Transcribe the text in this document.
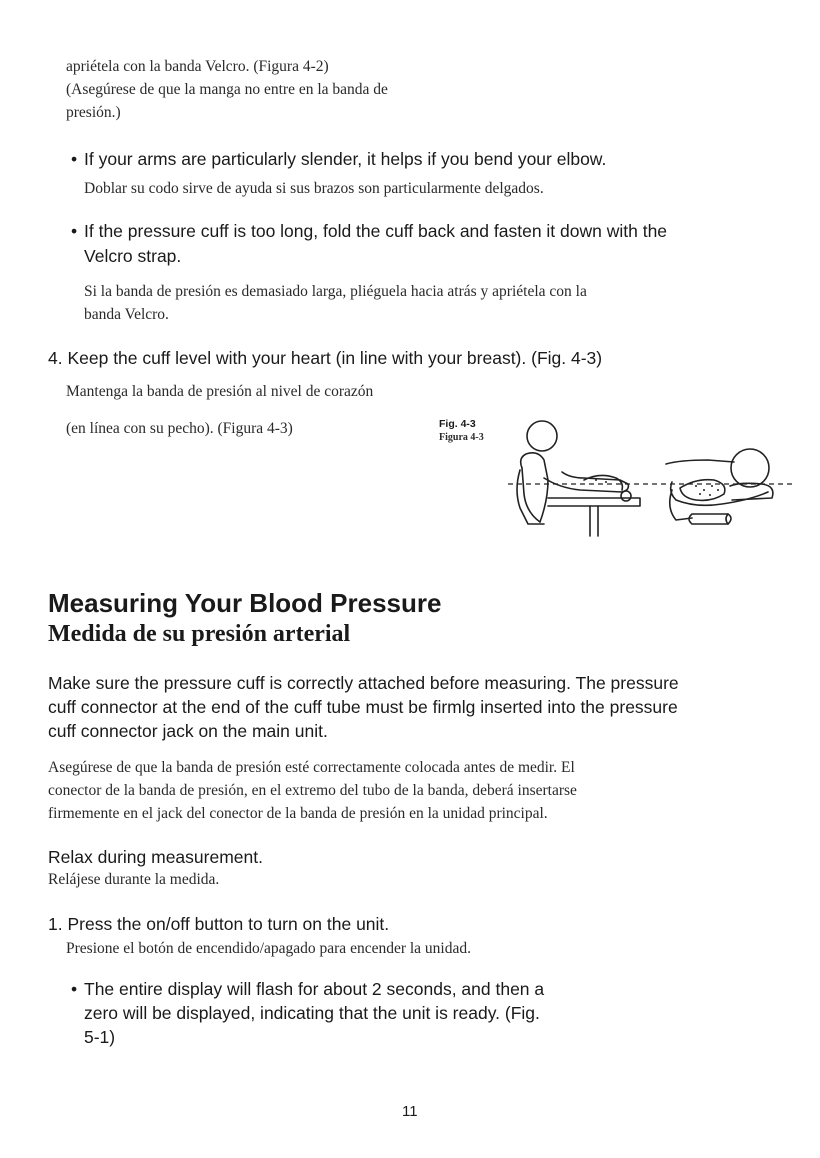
apriétela con la banda Velcro. (Figura 4-2)

(Asegúrese de que la manga no entre en la banda de

presión.)

• If your arms are particularly slender, it helps if you bend your elbow.

Doblar su codo sirve de ayuda si sus brazos son particularmente delgados.

• If the pressure cuff is too long, fold the cuff back and fasten it down with the

Velcro strap.

Si la banda de presión es demasiado larga, pliéguela hacia atrás y apriételа con la

banda Velcro.

4. Keep the cuff level with your heart (in line with your breast). (Fig. 4-3)

Mantenga la banda de presión al nivel de corazón

(en línea con su pecho). (Figura 4-3)	Fig. 4-3

Figura 4-3

Measuring Your Blood Pressure
Medida de su presión arterial

Make sure the pressure cuff is correctly attached before measuring. The pressure

cuff connector at the end of the cuff tube must be firmlg inserted into the pressure

cuff connector jack on the main unit.

Asegúrese de que la banda de presión esté correctamente colocada antes de medir. El

conector de la banda de presión, en el extremo del tubo de la banda, deberá insertarse

firmemente en el jack del conector de la banda de presión en la unidad principal.

Relax during measurement.

Relájese durante la medida.

1. Press the on/off button to turn on the unit.

Presione el botón de encendido/apagado para encender la unidad.

• The entire display will flash for about 2 seconds, and then a

zero will be displayed, indicating that the unit is ready. (Fig.

5-1)

11
